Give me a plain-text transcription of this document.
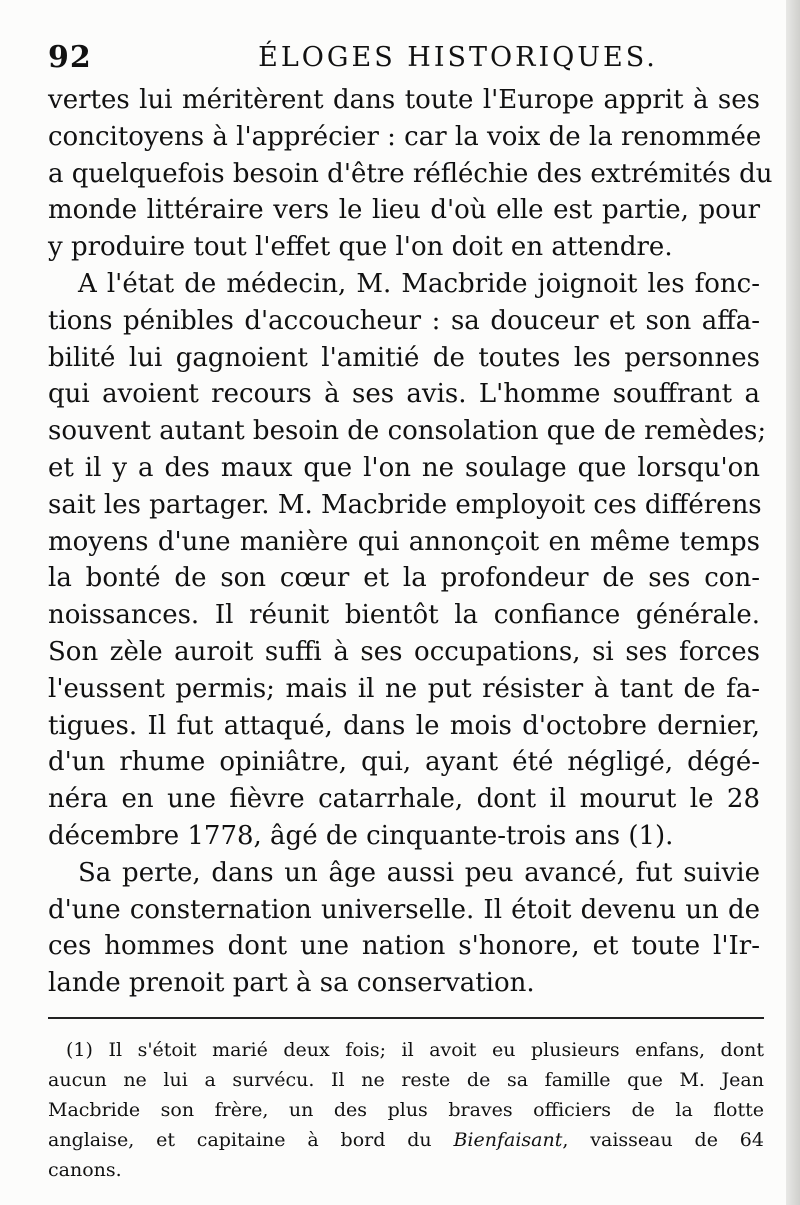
92	ÉLOGES HISTORIQUES.
vertes lui méritèrent dans toute l'Europe apprit à ses
concitoyens à l'apprécier : car la voix de la renommée
a quelquefois besoin d'être réfléchie des extrémités du
monde littéraire vers le lieu d'où elle est partie, pour
y produire tout l'effet que l'on doit en attendre.
A l'état de médecin, M. Macbride joignoit les fonc-
tions pénibles d'accoucheur : sa douceur et son affa-
bilité lui gagnoient l'amitié de toutes les personnes
qui avoient recours à ses avis. L'homme souffrant a
souvent autant besoin de consolation que de remèdes;
et il y a des maux que l'on ne soulage que lorsqu'on
sait les partager. M. Macbride employoit ces différens
moyens d'une manière qui annonçoit en même temps
la bonté de son cœur et la profondeur de ses con-
noissances. Il réunit bientôt la confiance générale.
Son zèle auroit suffi à ses occupations, si ses forces
l'eussent permis; mais il ne put résister à tant de fa-
tigues. Il fut attaqué, dans le mois d'octobre dernier,
d'un rhume opiniâtre, qui, ayant été négligé, dégé-
néra en une fièvre catarrhale, dont il mourut le 28
décembre 1778, âgé de cinquante-trois ans (1).
Sa perte, dans un âge aussi peu avancé, fut suivie
d'une consternation universelle. Il étoit devenu un de
ces hommes dont une nation s'honore, et toute l'Ir-
lande prenoit part à sa conservation.
(1) Il s'étoit marié deux fois; il avoit eu plusieurs enfans, dont
aucun ne lui a survécu. Il ne reste de sa famille que M. Jean
Macbride son frère, un des plus braves officiers de la flotte
anglaise, et capitaine à bord du Bienfaisant, vaisseau de 64
canons.
